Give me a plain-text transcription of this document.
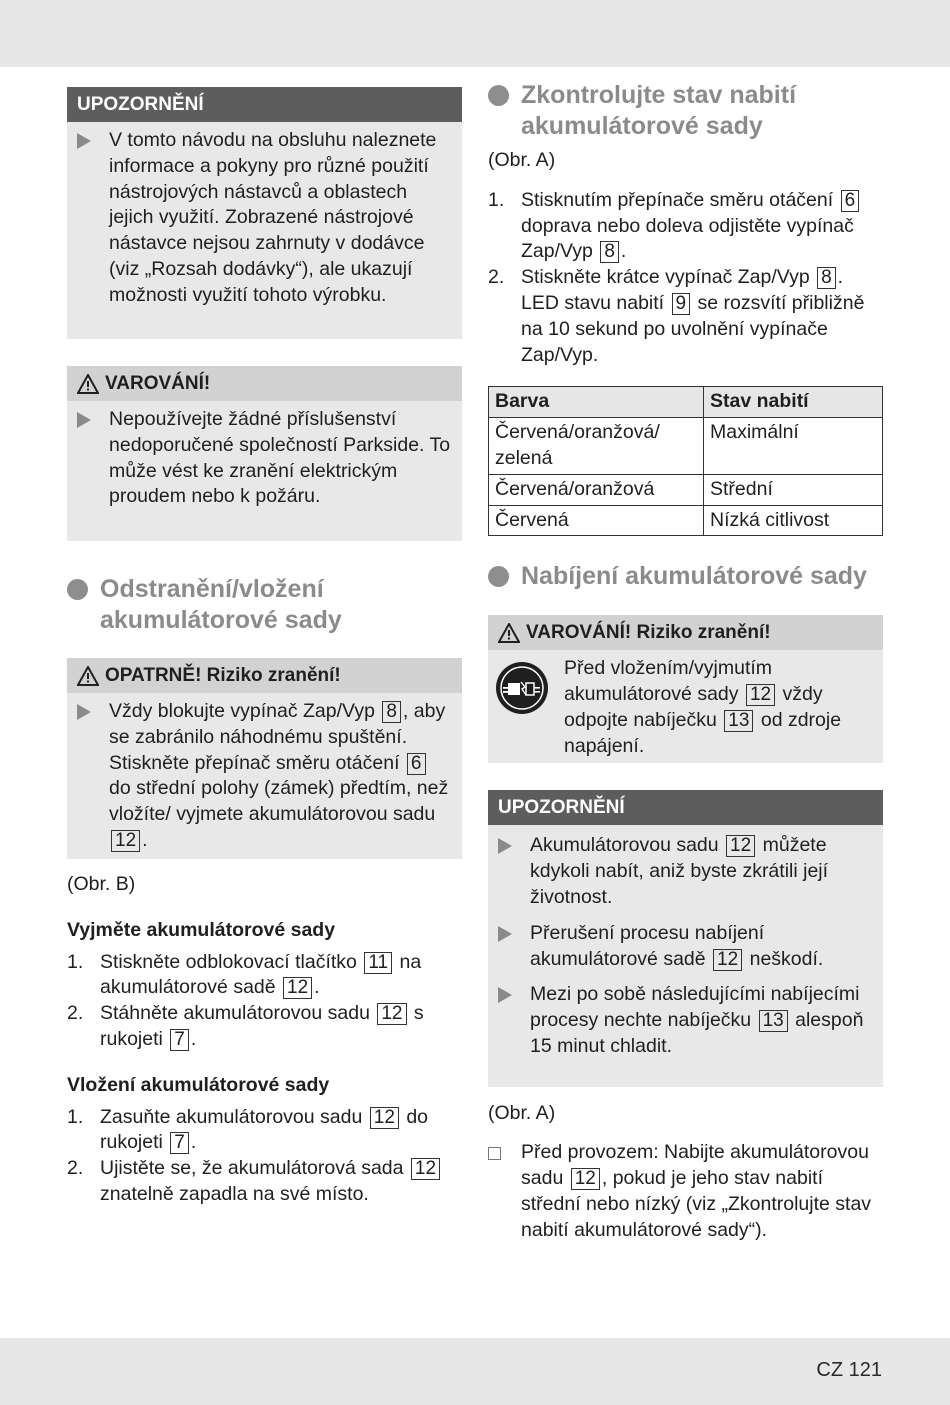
UPOZORNĚNÍ
V tomto návodu na obsluhu naleznete informace a pokyny pro různé použití nástrojových nástavců a oblastech jejich využití. Zobrazené nástrojové nástavce nejsou zahrnuty v dodávce (viz „Rozsah dodávky“), ale ukazují možnosti využití tohoto výrobku.
VAROVÁNÍ!
Nepoužívejte žádné příslušenství nedoporučené společností Parkside. To může vést ke zranění elektrickým proudem nebo k požáru.
Odstranění/vložení akumulátorové sady
OPATRNĚ! Riziko zranění!
Vždy blokujte vypínač Zap/Vyp 8 , aby se zabránilo náhodnému spuštění. Stiskněte přepínač směru otáčení 6 do střední polohy (zámek) předtím, než vložíte/ vyjmete akumulátorovou sadu 12 .
(Obr. B)
Vyjměte akumulátorové sady
1. Stiskněte odblokovací tlačítko 11 na akumulátorové sadě 12 .
2. Stáhněte akumulátorovou sadu 12 s rukojeti 7 .
Vložení akumulátorové sady
1. Zasuňte akumulátorovou sadu 12 do rukojeti 7 .
2. Ujistěte se, že akumulátorová sada 12 znatelně zapadla na své místo.
Zkontrolujte stav nabití akumulátorové sady
(Obr. A)
1. Stisknutím přepínače směru otáčení 6 doprava nebo doleva odjistěte vypínač Zap/Vyp 8 .
2. Stiskněte krátce vypínač Zap/Vyp 8 . LED stavu nabití 9 se rozsvítí přibližně na 10 sekund po uvolnění vypínače Zap/Vyp.
Barva	Stav nabití
Červená/oranžová/ zelená	Maximální
Červená/oranžová	Střední
Červená	Nízká citlivost
Nabíjení akumulátorové sady
VAROVÁNÍ! Riziko zranění!
Před vložením/vyjmutím akumulátorové sady 12 vždy odpojte nabíječku 13 od zdroje napájení.
UPOZORNĚNÍ
Akumulátorovou sadu 12 můžete kdykoli nabít, aniž byste zkrátili její životnost.
Přerušení procesu nabíjení akumulátorové sadě 12 neškodí.
Mezi po sobě následujícími nabíjecími procesy nechte nabíječku 13 alespoň 15 minut chladit.
(Obr. A)
Před provozem: Nabijte akumulátorovou sadu 12 , pokud je jeho stav nabití střední nebo nízký (viz „Zkontrolujte stav nabití akumulátorové sady“).
CZ 121
